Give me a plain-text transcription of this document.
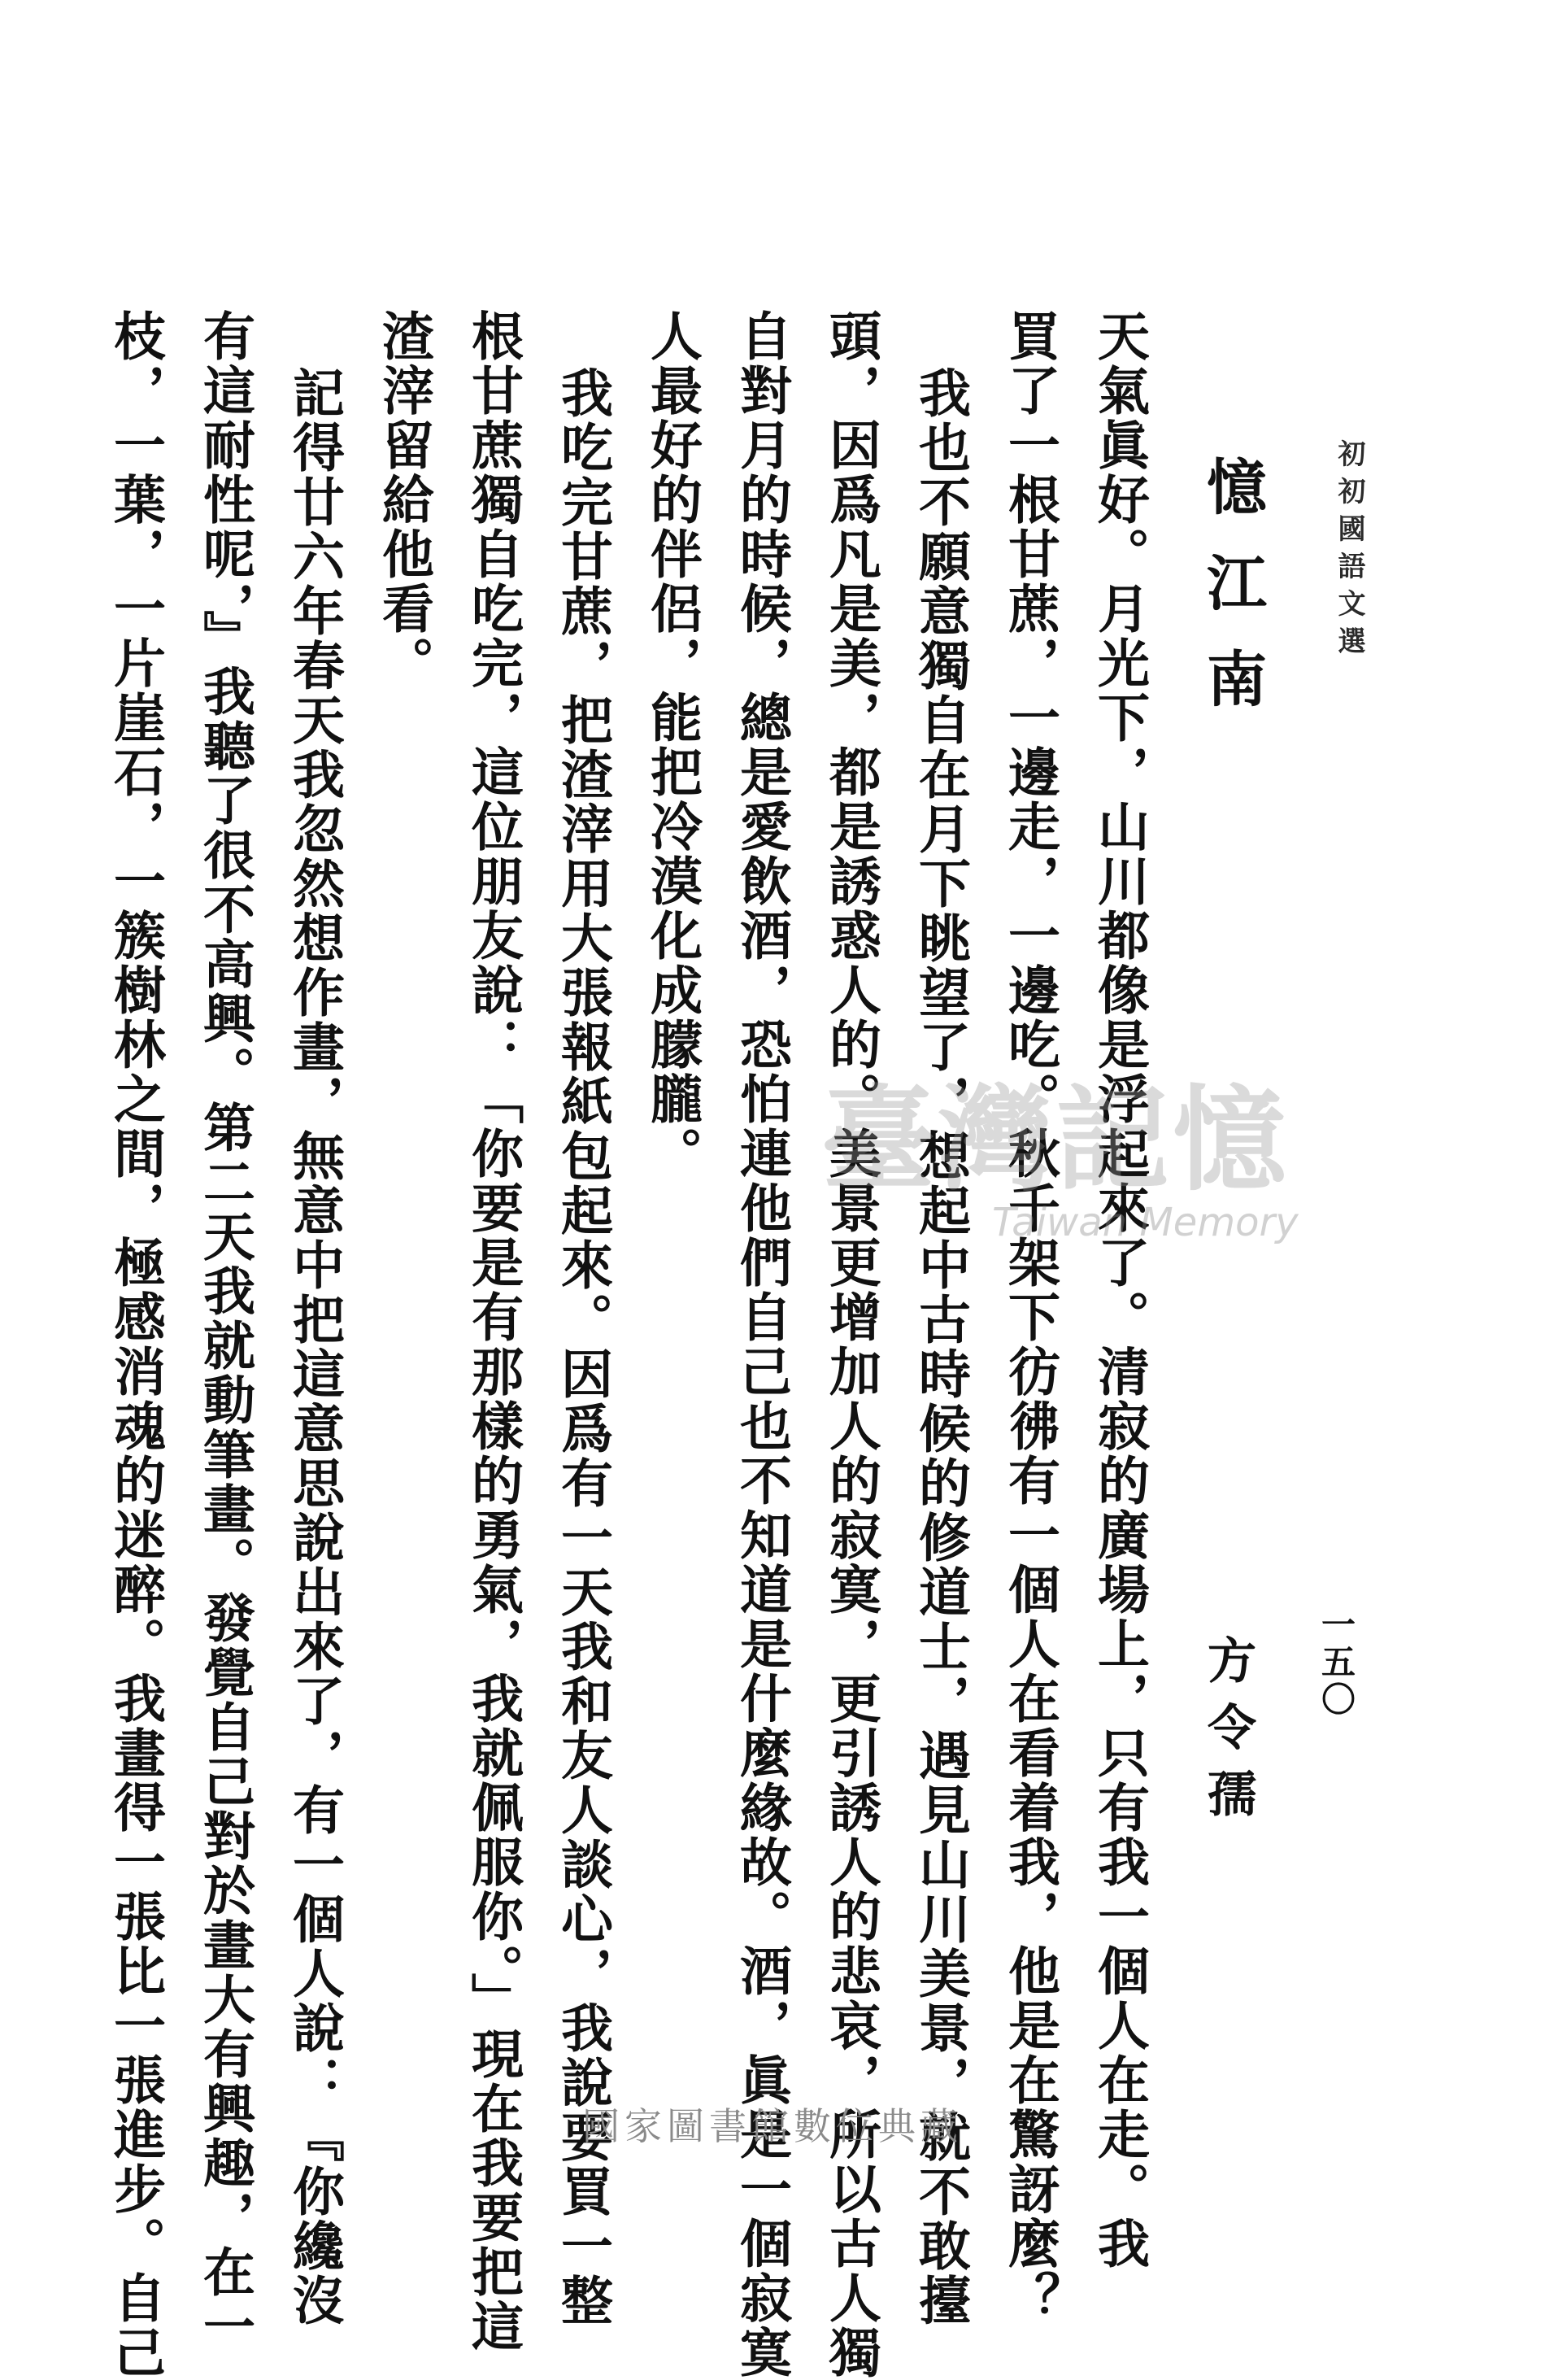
初初國語文選
一五〇
憶江南
方令孺
天氣眞好。月光下，山川都像是浮起來了。清寂的廣場上，只有我一個人在走。我
買了一根甘蔗，一邊走，一邊吃。秋千架下彷彿有一個人在看着我，他是在驚訝麼？
我也不願意獨自在月下眺望了，想起中古時候的修道士，遇見山川美景，就不敢擡
頭，因爲凡是美，都是誘惑人的。美景更增加人的寂寞，更引誘人的悲哀，所以古人獨
自對月的時候，總是愛飲酒，恐怕連他們自己也不知道是什麼緣故。酒，眞是一個寂寞
人最好的伴侶，能把冷漠化成朦朧。
我吃完甘蔗，把渣滓用大張報紙包起來。因爲有一天我和友人談心，我說要買一整
根甘蔗獨自吃完，這位朋友說：「你要是有那樣的勇氣，我就佩服你。」現在我要把這
渣滓留給他看。
記得廿六年春天我忽然想作畫，無意中把這意思說出來了，有一個人說：『你纔沒
有這耐性呢，』我聽了很不高興。第二天我就動筆畫。發覺自己對於畫大有興趣，在一
枝，一葉，一片崖石，一簇樹林之間，極感消魂的迷醉。我畫得一張比一張進步。自己	臺灣記憶
Taiwan Memory
國家圖書館數位典藏
